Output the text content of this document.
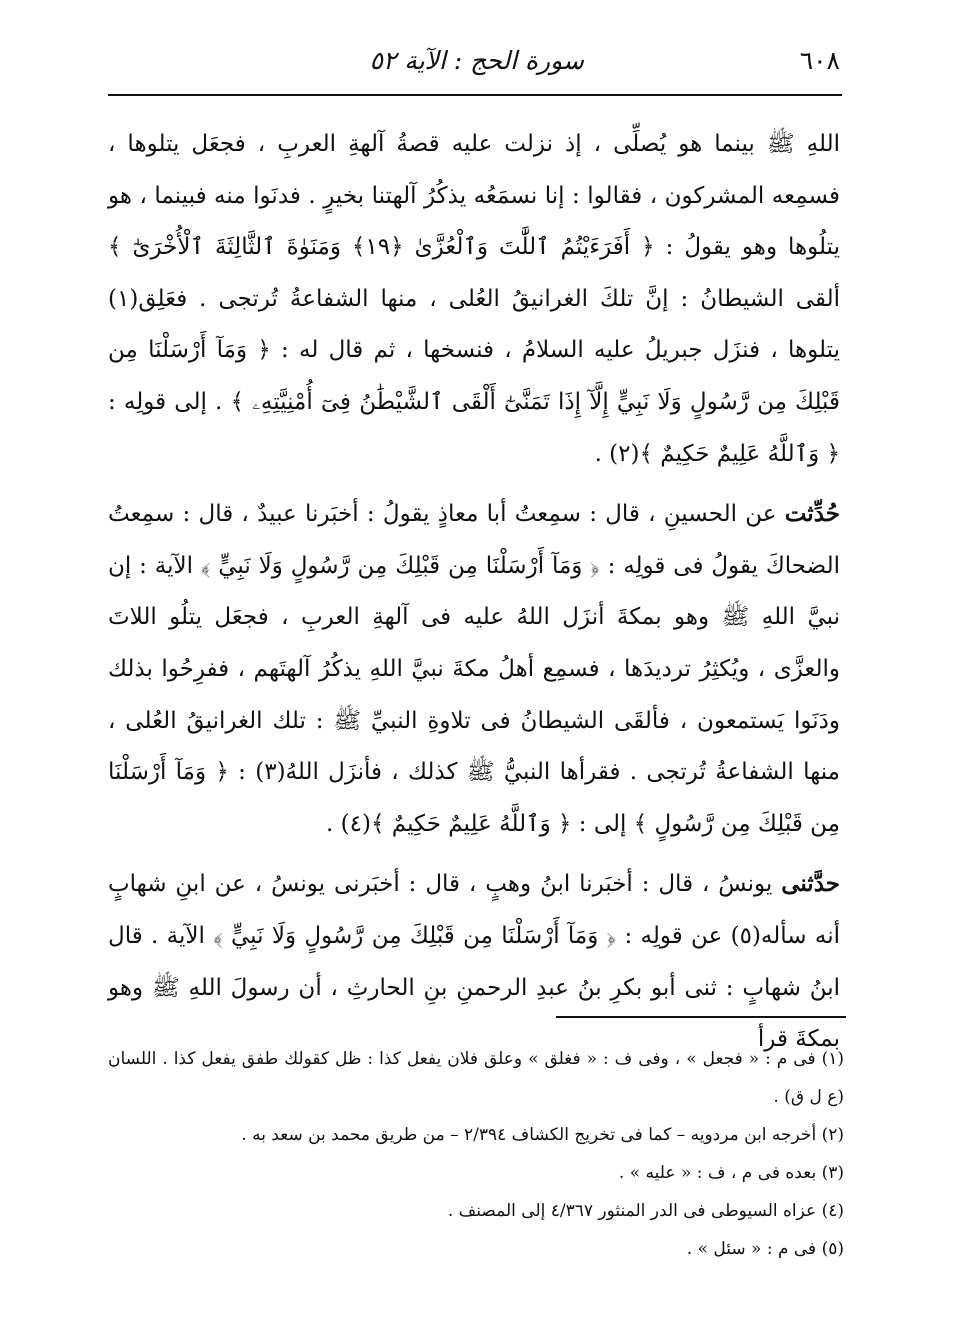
٦٠٨
سورة الحج : الآية ٥٢

اللهِ ﷺ بينما هو يُصلِّى ، إذ نزلت عليه قصةُ آلهةِ العربِ ، فجعَل يتلوها ، فسمِعه المشركون ، فقالوا : إنا نسمَعُه يذكُرُ آلهتنا بخيرٍ . فدنَوا منه فبينما ، هو يتلُوها وهو يقولُ : ﴿ أَفَرَءَيْتُمُ ٱللَّٰتَ وَٱلْعُزَّىٰ ﴿١٩﴾ وَمَنَوٰةَ ٱلثَّالِثَةَ ٱلْأُخْرَىٰٓ ﴾ ألقى الشيطانُ : إنَّ تلكَ الغرانيقُ العُلى ، منها الشفاعةُ تُرتجى . فعَلِق(١) يتلوها ، فنزَل جبريلُ عليه السلامُ ، فنسخها ، ثم قال له : ﴿ وَمَآ أَرْسَلْنَا مِن قَبْلِكَ مِن رَّسُولٍ وَلَا نَبِيٍّ إِلَّآ إِذَا تَمَنَّىٰٓ أَلْقَى ٱلشَّيْطَٰنُ فِىٓ أُمْنِيَّتِهِۦ ﴾ . إلى قولِه : ﴿ وَٱللَّهُ عَلِيمٌ حَكِيمٌ ﴾(٢) .

حُدِّثت عن الحسينِ ، قال : سمِعتُ أبا معاذٍ يقولُ : أخبَرنا عبيدٌ ، قال : سمِعتُ الضحاكَ يقولُ فى قولِه : ﴿ وَمَآ أَرْسَلْنَا مِن قَبْلِكَ مِن رَّسُولٍ وَلَا نَبِيٍّ ﴾ الآية : إن نبيَّ اللهِ ﷺ وهو بمكةَ أنزَل اللهُ عليه فى آلهةِ العربِ ، فجعَل يتلُو اللاتَ والعزَّى ، ويُكثِرُ ترديدَها ، فسمِع أهلُ مكةَ نبيَّ اللهِ يذكُرُ آلهتَهم ، ففرِحُوا بذلك ودَنَوا يَستمعون ، فألقَى الشيطانُ فى تلاوةِ النبيِّ ﷺ : تلك الغرانيقُ العُلى ، منها الشفاعةُ تُرتجى . فقرأها النبيُّ ﷺ كذلك ، فأنزَل اللهُ(٣) : ﴿ وَمَآ أَرْسَلْنَا مِن قَبْلِكَ مِن رَّسُولٍ ﴾ إلى : ﴿ وَٱللَّهُ عَلِيمٌ حَكِيمٌ ﴾(٤) .

حدَّثنى يونسُ ، قال : أخبَرنا ابنُ وهبٍ ، قال : أخبَرنى يونسُ ، عن ابنِ شهابٍ أنه سأله(٥) عن قولِه : ﴿ وَمَآ أَرْسَلْنَا مِن قَبْلِكَ مِن رَّسُولٍ وَلَا نَبِيٍّ ﴾ الآية . قال ابنُ شهابٍ : ثنى أبو بكرِ بنُ عبدِ الرحمنِ بنِ الحارثِ ، أن رسولَ اللهِ ﷺ وهو بمكةَ قرأ

(١) فى م : « فجعل » ، وفى ف : « فغلق » وعلق فلان يفعل كذا : ظل كقولك طفق يفعل كذا . اللسان (ع ل ق) .

(٢) أخرجه ابن مردويه – كما فى تخريج الكشاف ٢/٣٩٤ – من طريق محمد بن سعد به .

(٣) بعده فى م ، ف : « عليه » .

(٤) عزاه السيوطى فى الدر المنثور ٤/٣٦٧ إلى المصنف .

(٥) فى م : « سئل » .
